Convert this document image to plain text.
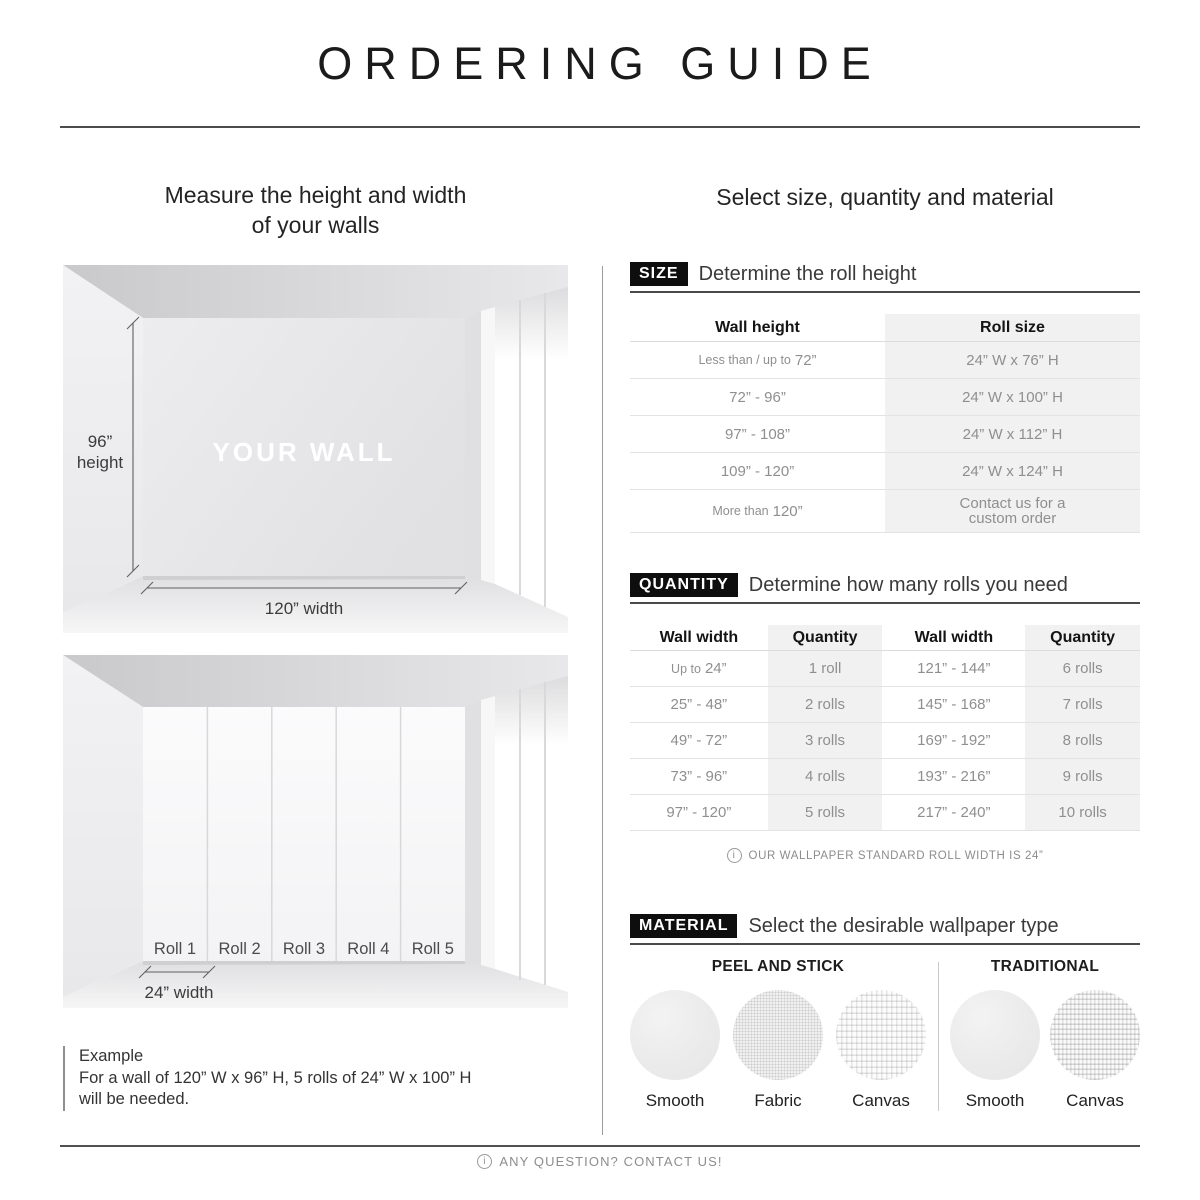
ORDERING GUIDE
Measure the height and width
of your walls
Select size, quantity and material
96”
height	YOUR WALL
120” width
Roll 1 Roll 2 Roll 3 Roll 4 Roll 5
24” width
Example
For a wall of 120” W x 96” H, 5 rolls of 24” W x 100” H
will be needed.
SIZE	Determine the roll height
Wall height	Roll size
Less than / up to 72”	24” W x 76” H
72” - 96”	24” W x 100” H
97” - 108”	24” W x 112” H
109” - 120”	24” W x 124” H
More than 120”	Contact us for a
custom order
QUANTITY	Determine how many rolls you need
Wall width	Quantity	Wall width	Quantity
Up to 24”	1 roll	121” - 144”	6 rolls
25” - 48”	2 rolls	145” - 168”	7 rolls
49” - 72”	3 rolls	169” - 192”	8 rolls
73” - 96”	4 rolls	193” - 216”	9 rolls
97” - 120”	5 rolls	217” - 240”	10 rolls
i	OUR WALLPAPER STANDARD ROLL WIDTH IS 24”
MATERIAL	Select the desirable wallpaper type
PEEL AND STICK
Smooth	Fabric	Canvas
TRADITIONAL
Smooth	Canvas
i ANY QUESTION? CONTACT US!
